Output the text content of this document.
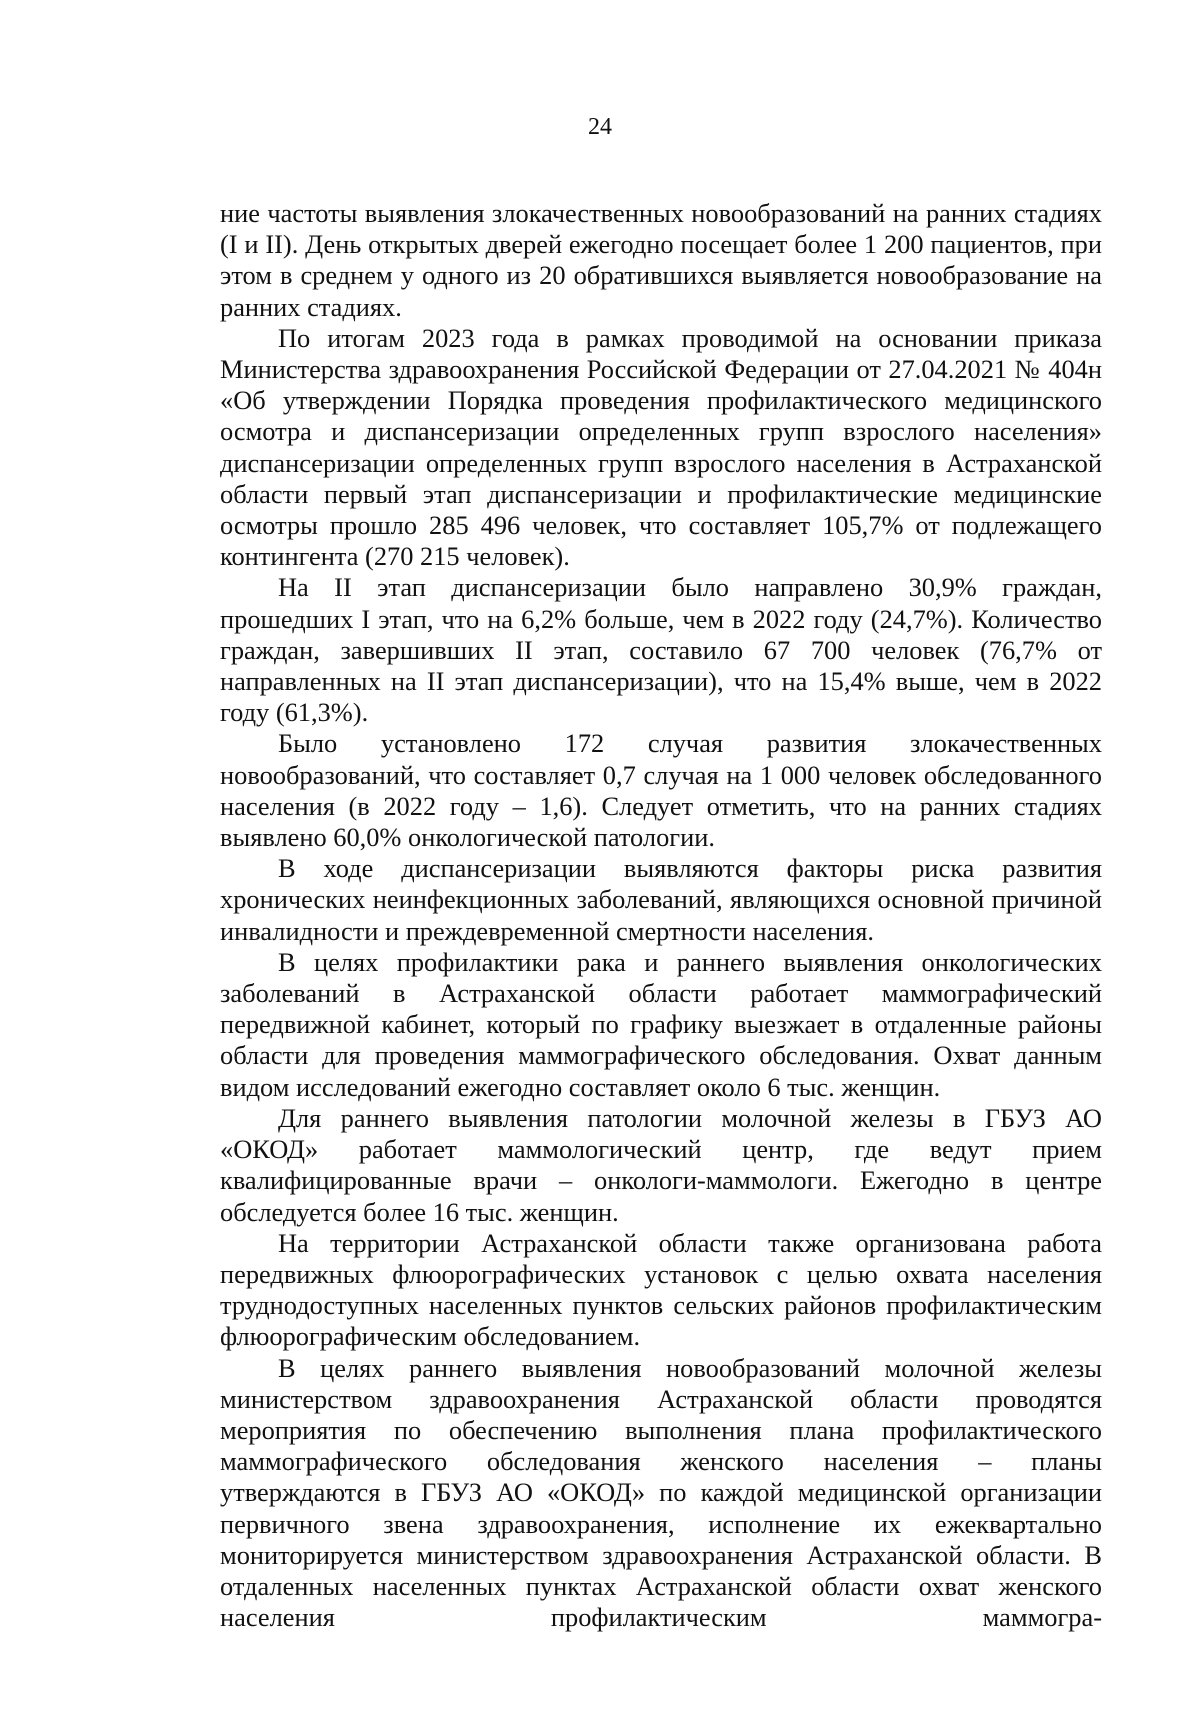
24

ние частоты выявления злокачественных новообразований на ранних стадиях (I и II). День открытых дверей ежегодно посещает более 1 200 пациентов, при этом в среднем у одного из 20 обратившихся выявляется новообразование на ранних стадиях.

По итогам 2023 года в рамках проводимой на основании приказа Министерства здравоохранения Российской Федерации от 27.04.2021 № 404н «Об утверждении Порядка проведения профилактического медицинского осмотра и диспансеризации определенных групп взрослого населения» диспансеризации определенных групп взрослого населения в Астраханской области первый этап диспансеризации и профилактические медицинские осмотры прошло 285 496 человек, что составляет 105,7% от подлежащего контингента (270 215 человек).

На II этап диспансеризации было направлено 30,9% граждан, прошедших I этап, что на 6,2% больше, чем в 2022 году (24,7%). Количество граждан, завершивших II этап, составило 67 700 человек (76,7% от направленных на II этап диспансеризации), что на 15,4% выше, чем в 2022 году (61,3%).

Было установлено 172 случая развития злокачественных новообразований, что составляет 0,7 случая на 1 000 человек обследованного населения (в 2022 году – 1,6). Следует отметить, что на ранних стадиях выявлено 60,0% онкологической патологии.

В ходе диспансеризации выявляются факторы риска развития хронических неинфекционных заболеваний, являющихся основной причиной инвалидности и преждевременной смертности населения.

В целях профилактики рака и раннего выявления онкологических заболеваний в Астраханской области работает маммографический передвижной кабинет, который по графику выезжает в отдаленные районы области для проведения маммографического обследования. Охват данным видом исследований ежегодно составляет около 6 тыс. женщин.

Для раннего выявления патологии молочной железы в ГБУЗ АО «ОКОД» работает маммологический центр, где ведут прием квалифицированные врачи – онкологи-маммологи. Ежегодно в центре обследуется более 16 тыс. женщин.

На территории Астраханской области также организована работа передвижных флюорографических установок с целью охвата населения труднодоступных населенных пунктов сельских районов профилактическим флюорографическим обследованием.

В целях раннего выявления новообразований молочной железы министерством здравоохранения Астраханской области проводятся мероприятия по обеспечению выполнения плана профилактического маммографического обследования женского населения – планы утверждаются в ГБУЗ АО «ОКОД» по каждой медицинской организации первичного звена здравоохранения, исполнение их ежеквартально мониторируется министерством здравоохранения Астраханской области. В отдаленных населенных пунктах Астраханской области охват женского населения профилактическим маммогра-
